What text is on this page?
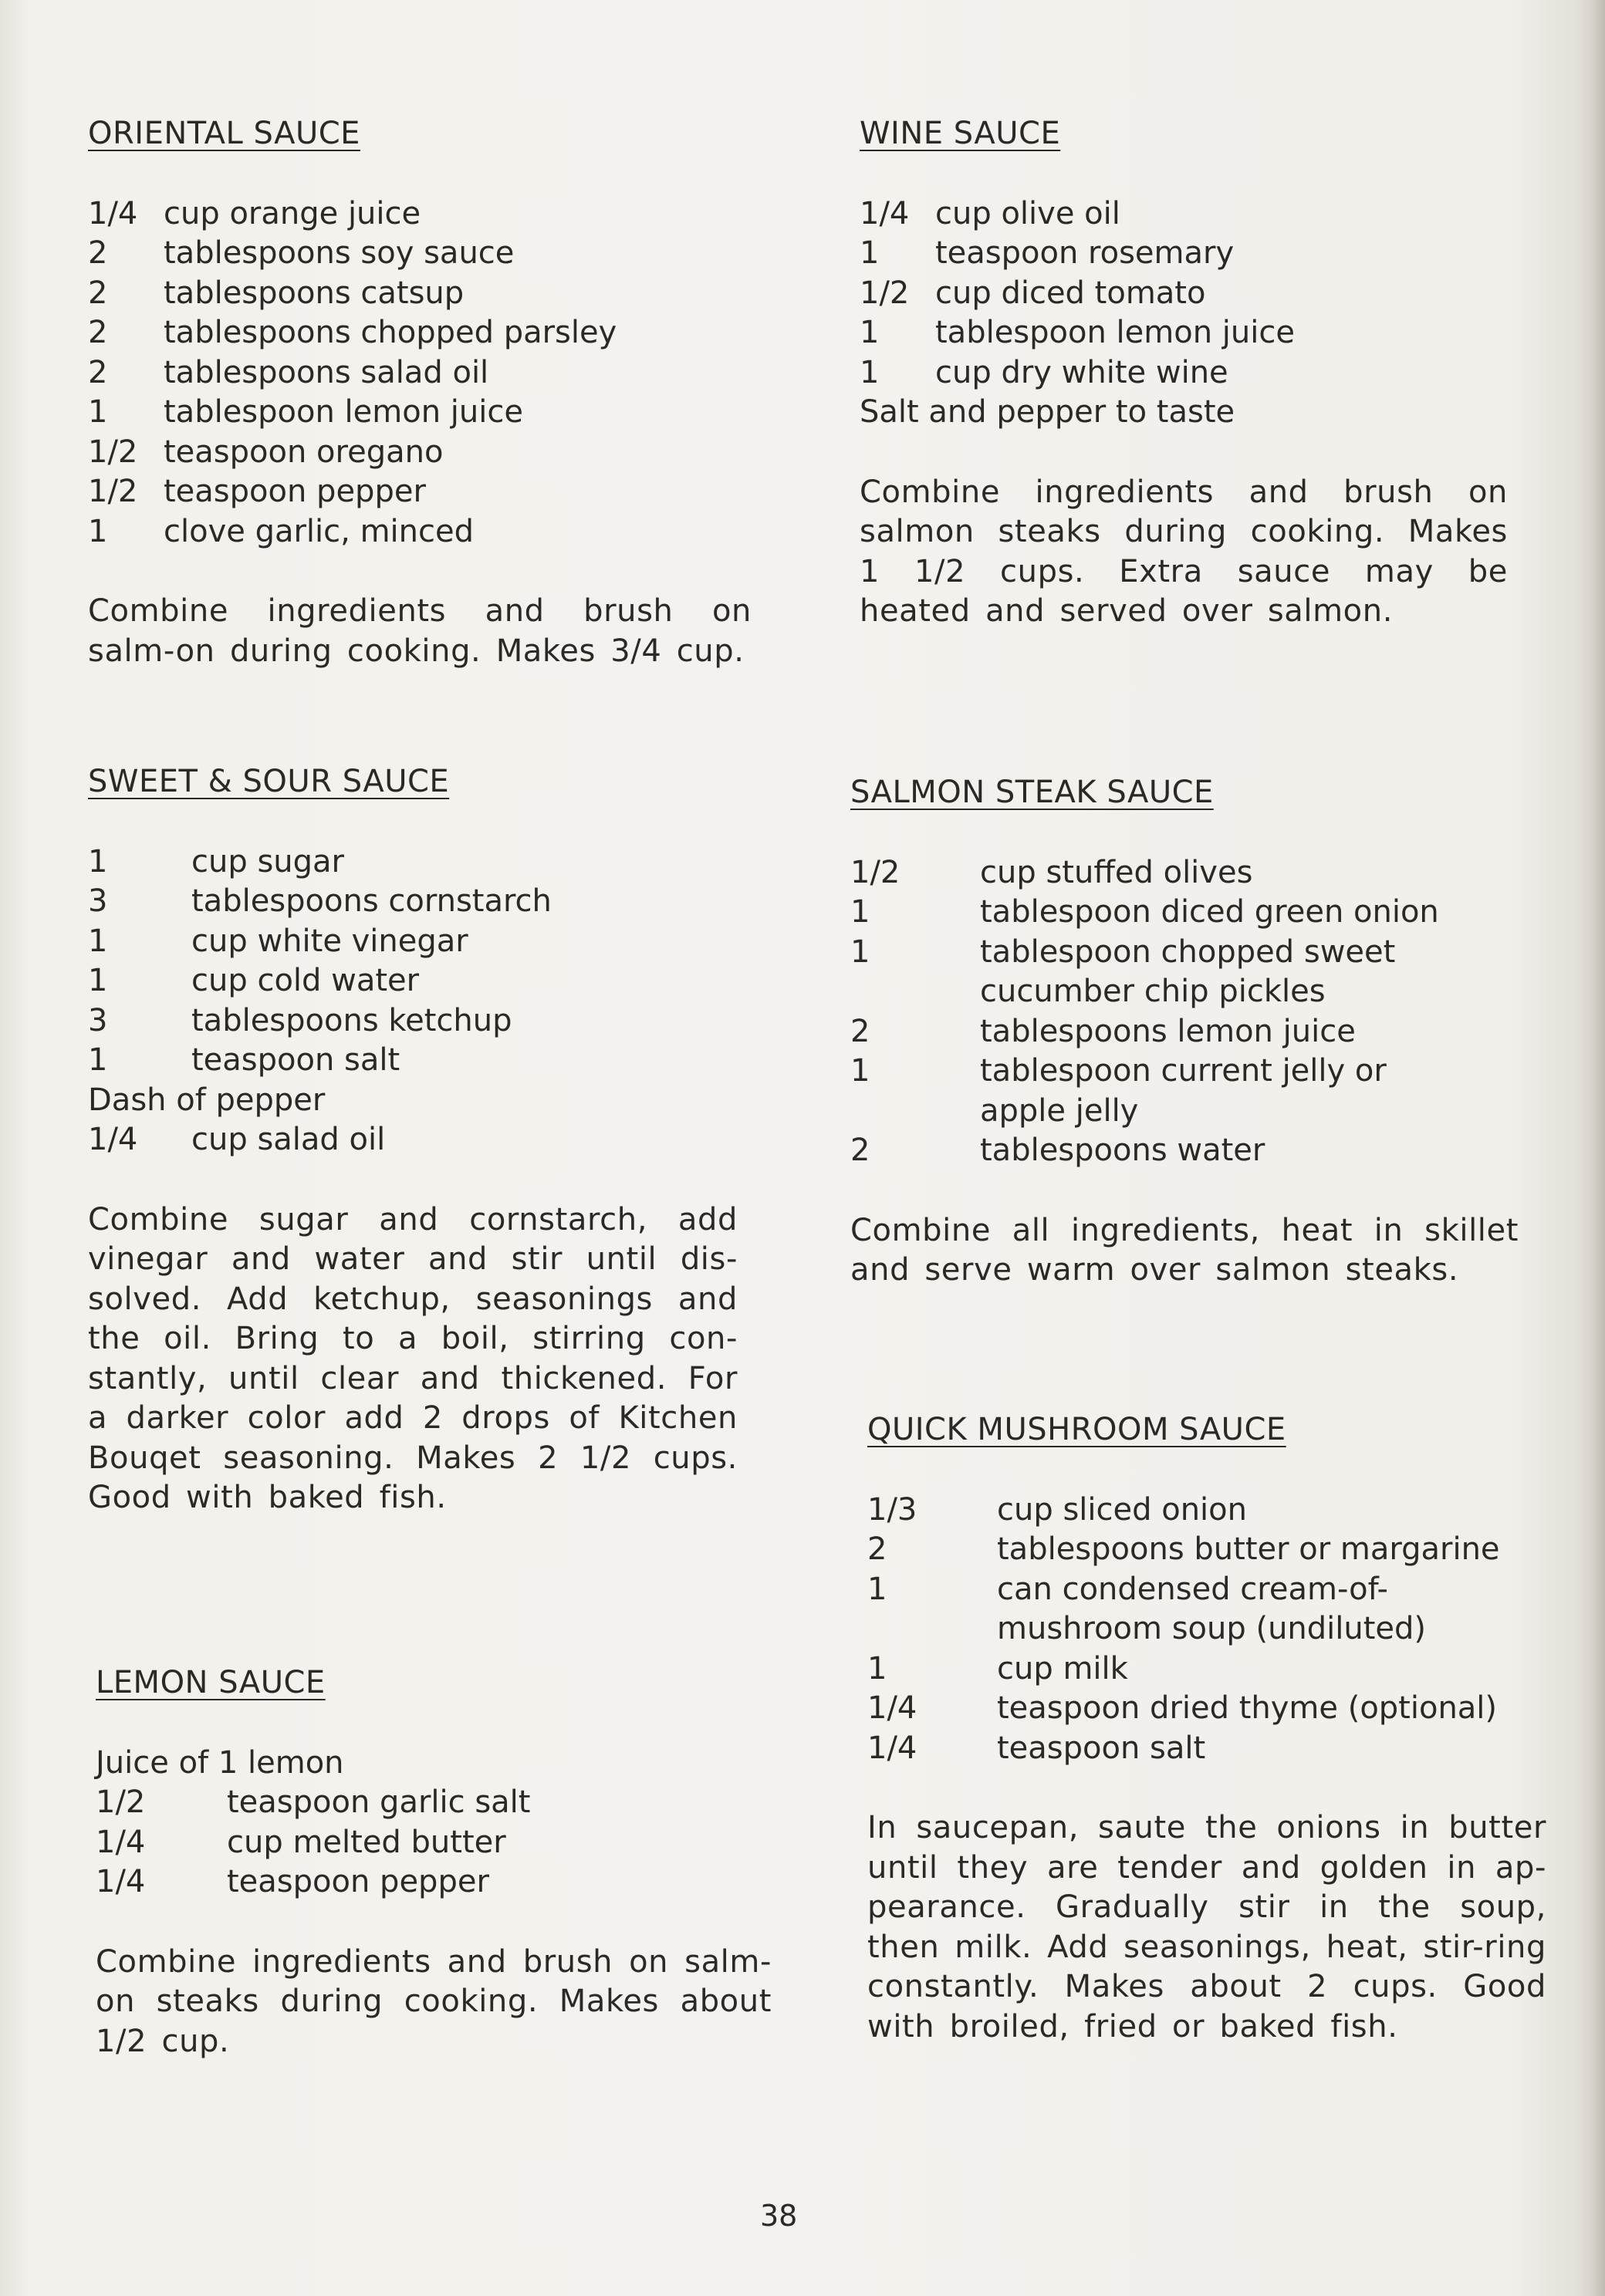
ORIENTAL SAUCE
1/4 cup orange juice
2	tablespoons soy sauce
2	tablespoons catsup
2	tablespoons chopped parsley
2	tablespoons salad oil
1	tablespoon lemon juice
1/2 teaspoon oregano
1/2 teaspoon pepper
1	clove garlic, minced
Combine ingredients and brush on salm-on during cooking. Makes 3/4 cup.
SWEET & SOUR SAUCE
1	cup sugar
3	tablespoons cornstarch
1	cup white vinegar
1	cup cold water
3	tablespoons ketchup
1	teaspoon salt
Dash of pepper
1/4	cup salad oil
Combine sugar and cornstarch, add vinegar and water and stir until dis-solved. Add ketchup, seasonings and the oil. Bring to a boil, stirring con-stantly, until clear and thickened. For a darker color add 2 drops of Kitchen Bouqet seasoning. Makes 2 1/2 cups. Good with baked fish.
LEMON SAUCE
Juice of 1 lemon
1/2	teaspoon garlic salt
1/4	cup melted butter
1/4	teaspoon pepper
Combine ingredients and brush on salm-on steaks during cooking. Makes about 1/2 cup.
WINE SAUCE
1/4 cup olive oil
1	teaspoon rosemary
1/2 cup diced tomato
1	tablespoon lemon juice
1	cup dry white wine
Salt and pepper to taste
Combine ingredients and brush on salmon steaks during cooking. Makes 1 1/2 cups. Extra sauce may be heated and served over salmon.
SALMON STEAK SAUCE
1/2	cup stuffed olives
1	tablespoon diced green onion
1	tablespoon chopped sweet cucumber chip pickles
2	tablespoons lemon juice
1	tablespoon current jelly or apple jelly
2	tablespoons water
Combine all ingredients, heat in skillet and serve warm over salmon steaks.
QUICK MUSHROOM SAUCE
1/3	cup sliced onion
2	tablespoons butter or margarine
1	can condensed cream-of-mushroom soup (undiluted)
1	cup milk
1/4	teaspoon dried thyme (optional)
1/4	teaspoon salt
In saucepan, saute the onions in butter until they are tender and golden in ap-pearance. Gradually stir in the soup, then milk. Add seasonings, heat, stir-ring constantly. Makes about 2 cups. Good with broiled, fried or baked fish.
38
